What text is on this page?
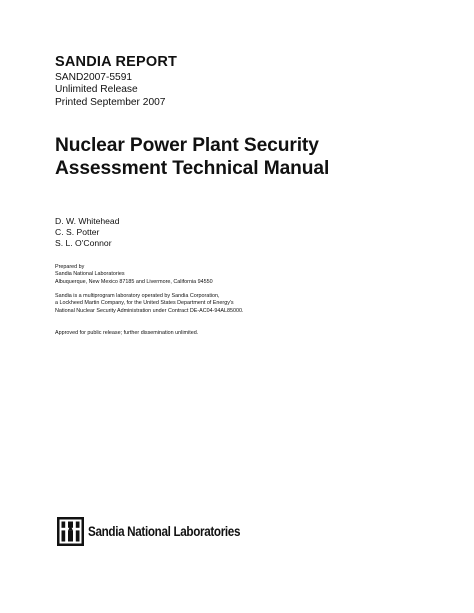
SANDIA REPORT
SAND2007-5591
Unlimited Release
Printed September 2007
Nuclear Power Plant Security
Assessment Technical Manual
D. W. Whitehead
C. S. Potter
S. L. O'Connor
Prepared by
Sandia National Laboratories
Albuquerque, New Mexico 87185 and Livermore, California 94550
Sandia is a multiprogram laboratory operated by Sandia Corporation,
a Lockheed Martin Company, for the United States Department of Energy's
National Nuclear Security Administration under Contract DE-AC04-94AL85000.
Approved for public release; further dissemination unlimited.
Sandia National Laboratories
